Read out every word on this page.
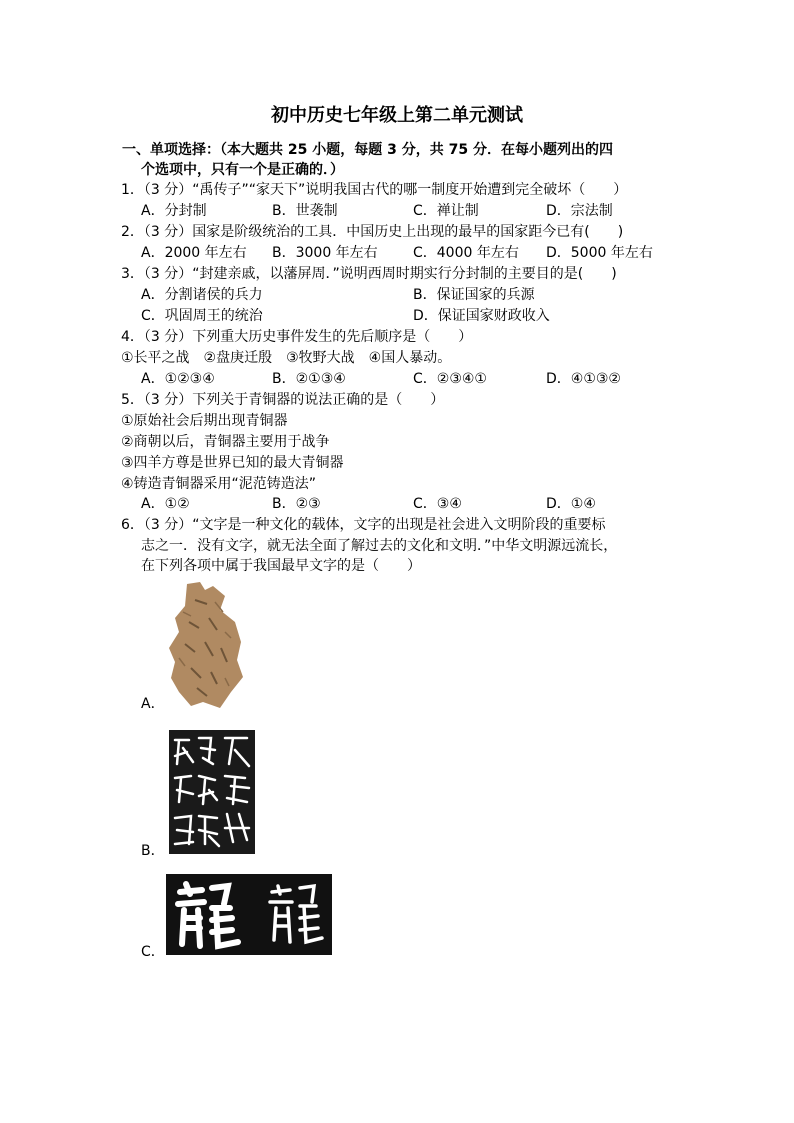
初中历史七年级上第二单元测试
一、单项选择：（本大题共 25 小题，每题 3 分，共 75 分．在每小题列出的四
个选项中，只有一个是正确的．）
1．（3 分）“禹传子”“家天下”说明我国古代的哪一制度开始遭到完全破坏（　　）
A．分封制	B．世袭制	C．禅让制	D．宗法制
2．（3 分）国家是阶级统治的工具．中国历史上出现的最早的国家距今已有(　　)
A．2000 年左右 B．3000 年左右	C．4000 年左右 D．5000 年左右
3．（3 分）“封建亲戚，以藩屏周．”说明西周时期实行分封制的主要目的是(　　)
A．分割诸侯的兵力	B．保证国家的兵源
C．巩固周王的统治	D．保证国家财政收入
4．（3 分）下列重大历史事件发生的先后顺序是（　　）
①长平之战　②盘庚迁殷　③牧野大战　④国人暴动。
A．①②③④	B．②①③④	C．②③④①	D．④①③②
5．（3 分）下列关于青铜器的说法正确的是（　　）
①原始社会后期出现青铜器
②商朝以后，青铜器主要用于战争
③四羊方尊是世界已知的最大青铜器
④铸造青铜器采用“泥范铸造法”
A．①②	B．②③	C．③④	D．①④
6．（3 分）“文字是一种文化的载体，文字的出现是社会进入文明阶段的重要标
志之一．没有文字，就无法全面了解过去的文化和文明．”中华文明源远流长，
在下列各项中属于我国最早文字的是（　　）
A．
B．
C．
